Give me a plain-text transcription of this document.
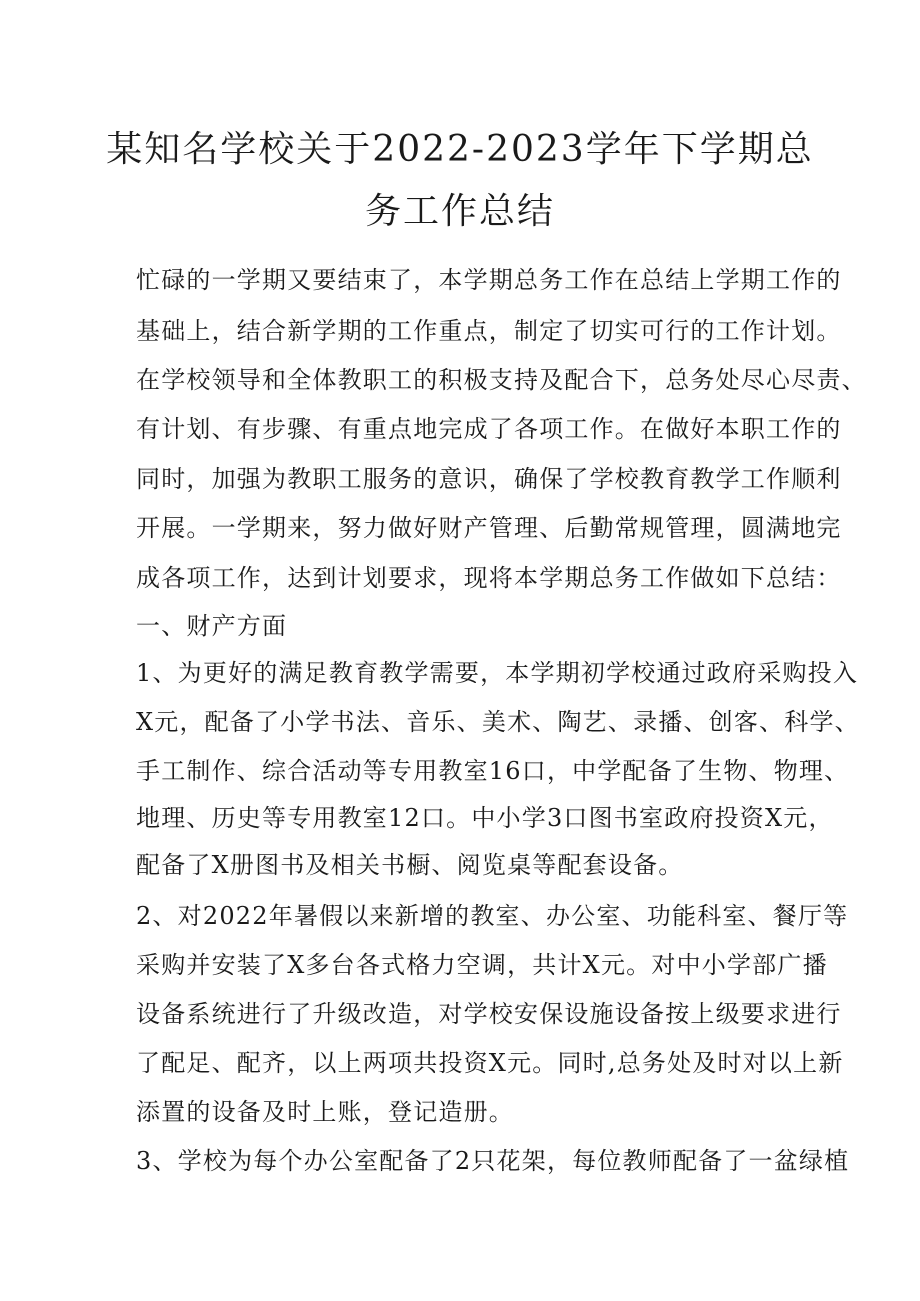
某知名学校关于2022-2023学年下学期总
务工作总结
忙碌的一学期又要结束了，本学期总务工作在总结上学期工作的
基础上，结合新学期的工作重点，制定了切实可行的工作计划。
在学校领导和全体教职工的积极支持及配合下，总务处尽心尽责、
有计划、有步骤、有重点地完成了各项工作。在做好本职工作的
同时，加强为教职工服务的意识，确保了学校教育教学工作顺利
开展。一学期来，努力做好财产管理、后勤常规管理，圆满地完
成各项工作，达到计划要求，现将本学期总务工作做如下总结：
一、财产方面
1、为更好的满足教育教学需要，本学期初学校通过政府采购投入
X元，配备了小学书法、音乐、美术、陶艺、录播、创客、科学、
手工制作、综合活动等专用教室16口，中学配备了生物、物理、
地理、历史等专用教室12口。中小学3口图书室政府投资X元，
配备了X册图书及相关书橱、阅览桌等配套设备。
2、对2022年暑假以来新增的教室、办公室、功能科室、餐厅等
采购并安装了X多台各式格力空调，共计X元。对中小学部广播
设备系统进行了升级改造，对学校安保设施设备按上级要求进行
了配足、配齐，以上两项共投资X元。同时,总务处及时对以上新
添置的设备及时上账，登记造册。
3、学校为每个办公室配备了2只花架，每位教师配备了一盆绿植
